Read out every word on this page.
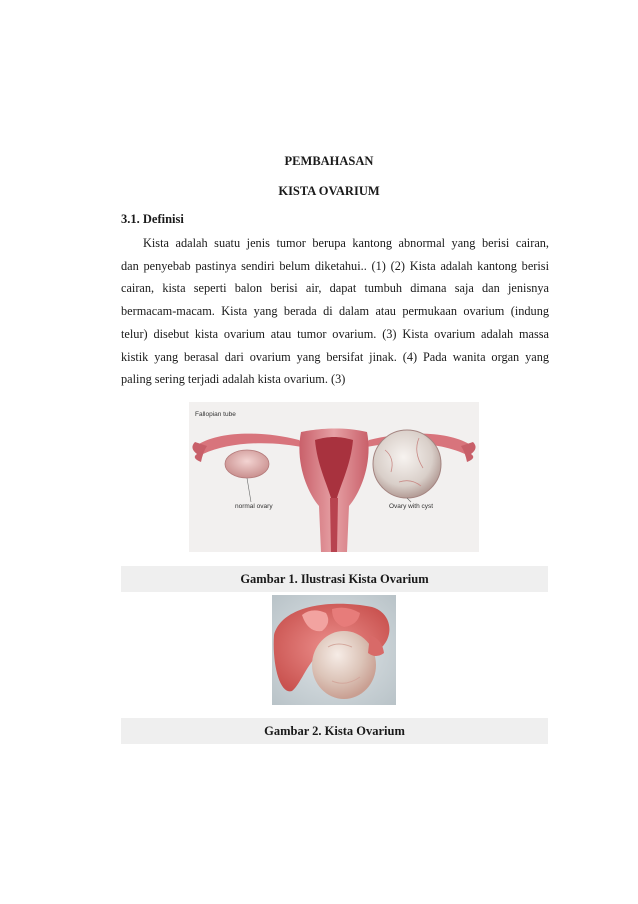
PEMBAHASAN
KISTA OVARIUM
3.1. Definisi
Kista adalah suatu jenis tumor berupa kantong abnormal yang berisi cairan,
dan penyebab pastinya sendiri belum diketahui.. (1) (2) Kista adalah kantong berisi
cairan, kista seperti balon berisi air, dapat tumbuh dimana saja dan jenisnya
bermacam-macam. Kista yang berada di dalam atau permukaan ovarium (indung
telur) disebut kista ovarium atau tumor ovarium. (3) Kista ovarium adalah massa
kistik yang berasal dari ovarium yang bersifat jinak. (4) Pada wanita organ yang
paling sering terjadi adalah kista ovarium. (3)
Fallopian tube
normal ovary	Ovary with cyst
Gambar 1. Ilustrasi Kista Ovarium
Gambar 2. Kista Ovarium
